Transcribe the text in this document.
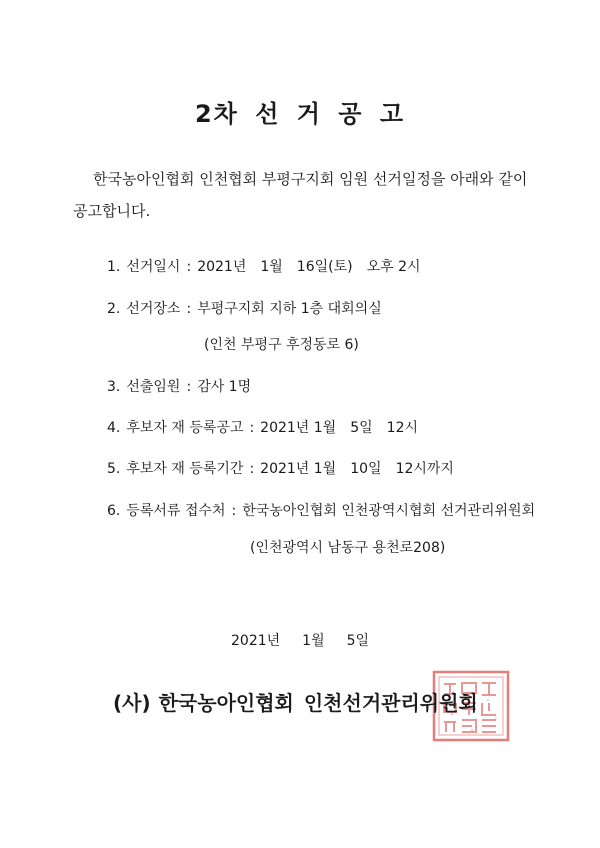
2차 선 거 공 고
한국농아인협회 인천협회 부평구지회 임원 선거일정을 아래와 같이 공고합니다.
1. 선거일시 : 2021년 1월 16일(토) 오후 2시
2. 선거장소 : 부평구지회 지하 1층 대회의실
(인천 부평구 후정동로 6)
3. 선출임원 : 감사 1명
4. 후보자 재 등록공고 : 2021년 1월 5일 12시
5. 후보자 재 등록기간 : 2021년 1월 10일 12시까지
6. 등록서류 접수처 : 한국농아인협회 인천광역시협회 선거관리위원회
(인천광역시 남동구 용천로208)
2021년 1월 5일
(사) 한국농아인협회 인천선거관리위원회
